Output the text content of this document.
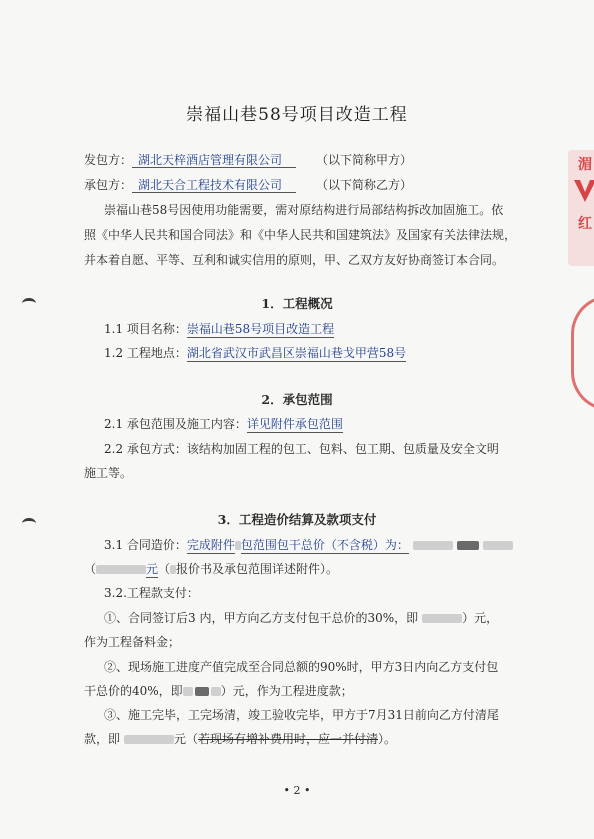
崇福山巷58号项目改造工程
发包方： 湖北天梓酒店管理有限公司	（以下简称甲方）
承包方： 湖北天合工程技术有限公司	（以下简称乙方）
崇福山巷58号因使用功能需要，需对原结构进行局部结构拆改加固施工。依
照《中华人民共和国合同法》和《中华人民共和国建筑法》及国家有关法律法规，
并本着自愿、平等、互利和诚实信用的原则，甲、乙双方友好协商签订本合同。
1．工程概况
1.1 项目名称：崇福山巷58号项目改造工程
1.2 工程地点：湖北省武汉市武昌区崇福山巷戈甲营58号
2．承包范围
2.1 承包范围及施工内容：详见附件承包范围
2.2 承包方式：该结构加固工程的包工、包料、包工期、包质量及安全文明
施工等。
3．工程造价结算及款项支付
3.1 合同造价：完成附件 包范围包干总价（不含税）为：
（	元（ 报价书及承包范围详述附件）。
3.2.工程款支付：
①、合同签订后3 内，甲方向乙方支付包干总价的30%，即	）元，
作为工程备料金；
②、现场施工进度产值完成至合同总额的90%时，甲方3日内向乙方支付包
干总价的40%，即	）元，作为工程进度款；
③、施工完毕，工完场清，竣工验收完毕，甲方于7月31日前向乙方付清尾
款，即	元（若现场有增补费用时，应一并付清）。
• 2 •
湄
红
